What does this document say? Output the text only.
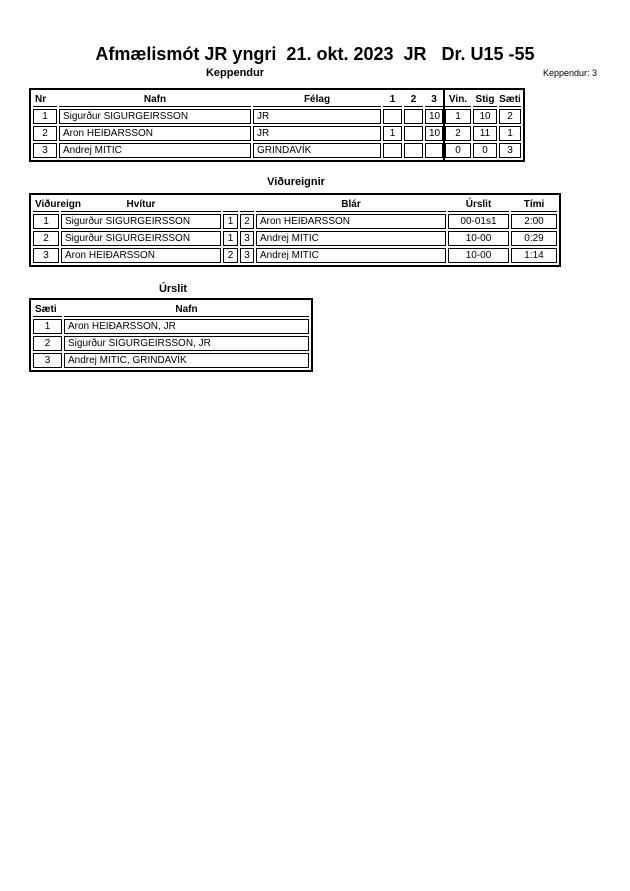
Afmælismót JR yngri  21. okt. 2023  JR   Dr. U15 -55
Keppendur	Keppendur: 3
Nr	Nafn	Félag	1	2	3	Vin.	Stig	Sæti
1	Sigurður SIGURGEIRSSON	JR			10	1	10	2
2	Aron HEIÐARSSON	JR	1		10	2	11	1
3	Andrej MITIC	GRINDAVÍK				0	0	3
Viðureignir
Viðureign	Hvítur			Blár	Úrslit	Tími
1	Sigurður SIGURGEIRSSON	1	2	Aron HEIÐARSSON	00-01s1	2:00
2	Sigurður SIGURGEIRSSON	1	3	Andrej MITIC	10-00	0:29
3	Aron HEIÐARSSON	2	3	Andrej MITIC	10-00	1:14
Úrslit
Sæti	Nafn
1	Aron HEIÐARSSON, JR
2	Sigurður SIGURGEIRSSON, JR
3	Andrej MITIC, GRINDAVÍK
